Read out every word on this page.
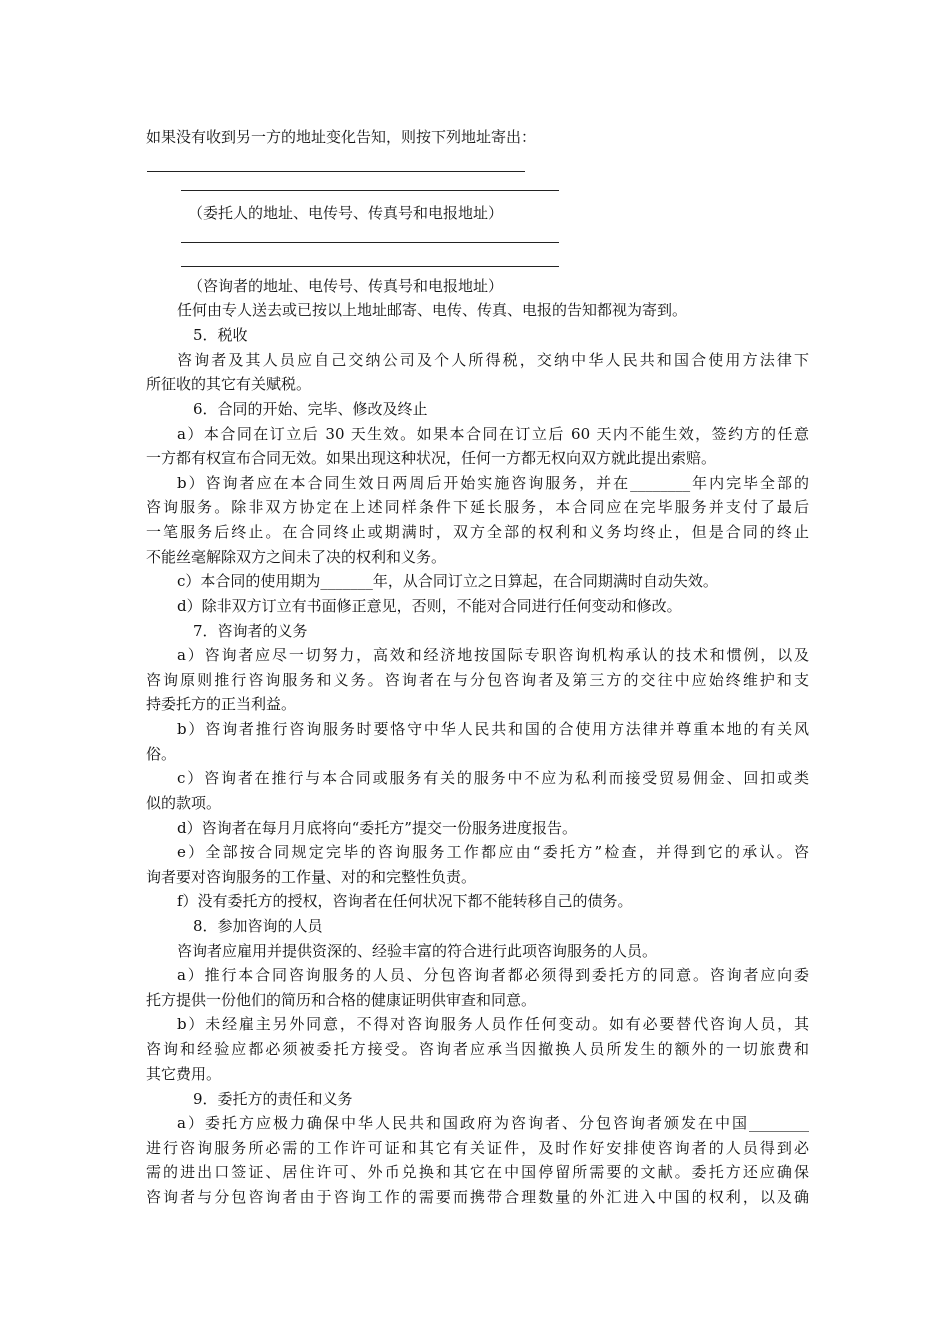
如果没有收到另一方的地址变化告知，则按下列地址寄出：

（委托人的地址、电传号、传真号和电报地址）

（咨询者的地址、电传号、传真号和电报地址）

任何由专人送去或已按以上地址邮寄、电传、传真、电报的告知都视为寄到。

5．税收

咨询者及其人员应自己交纳公司及个人所得税，交纳中华人民共和国合使用方法律下

所征收的其它有关赋税。

6．合同的开始、完毕、修改及终止

a）本合同在订立后 30 天生效。如果本合同在订立后 60 天内不能生效，签约方的任意

一方都有权宣布合同无效。如果出现这种状况，任何一方都无权向双方就此提出索赔。

b）咨询者应在本合同生效日两周后开始实施咨询服务，并在________年内完毕全部的

咨询服务。除非双方协定在上述同样条件下延长服务，本合同应在完毕服务并支付了最后

一笔服务后终止。在合同终止或期满时，双方全部的权利和义务均终止，但是合同的终止

不能丝毫解除双方之间未了决的权利和义务。

c）本合同的使用期为_______年，从合同订立之日算起，在合同期满时自动失效。

d）除非双方订立有书面修正意见，否则，不能对合同进行任何变动和修改。

7．咨询者的义务

a）咨询者应尽一切努力，高效和经济地按国际专职咨询机构承认的技术和惯例，以及

咨询原则推行咨询服务和义务。咨询者在与分包咨询者及第三方的交往中应始终维护和支

持委托方的正当利益。

b）咨询者推行咨询服务时要恪守中华人民共和国的合使用方法律并尊重本地的有关风

俗。

c）咨询者在推行与本合同或服务有关的服务中不应为私利而接受贸易佣金、回扣或类

似的款项。

d）咨询者在每月月底将向“委托方”提交一份服务进度报告。

e）全部按合同规定完毕的咨询服务工作都应由“委托方”检查，并得到它的承认。咨

询者要对咨询服务的工作量、对的和完整性负责。

f）没有委托方的授权，咨询者在任何状况下都不能转移自己的债务。

8．参加咨询的人员

咨询者应雇用并提供资深的、经验丰富的符合进行此项咨询服务的人员。

a）推行本合同咨询服务的人员、分包咨询者都必须得到委托方的同意。咨询者应向委

托方提供一份他们的简历和合格的健康证明供审查和同意。

b）未经雇主另外同意，不得对咨询服务人员作任何变动。如有必要替代咨询人员，其

咨询和经验应都必须被委托方接受。咨询者应承当因撤换人员所发生的额外的一切旅费和

其它费用。

9．委托方的责任和义务

a）委托方应极力确保中华人民共和国政府为咨询者、分包咨询者颁发在中国________

进行咨询服务所必需的工作许可证和其它有关证件，及时作好安排使咨询者的人员得到必

需的进出口签证、居住许可、外币兑换和其它在中国停留所需要的文献。委托方还应确保

咨询者与分包咨询者由于咨询工作的需要而携带合理数量的外汇进入中国的权利，以及确
